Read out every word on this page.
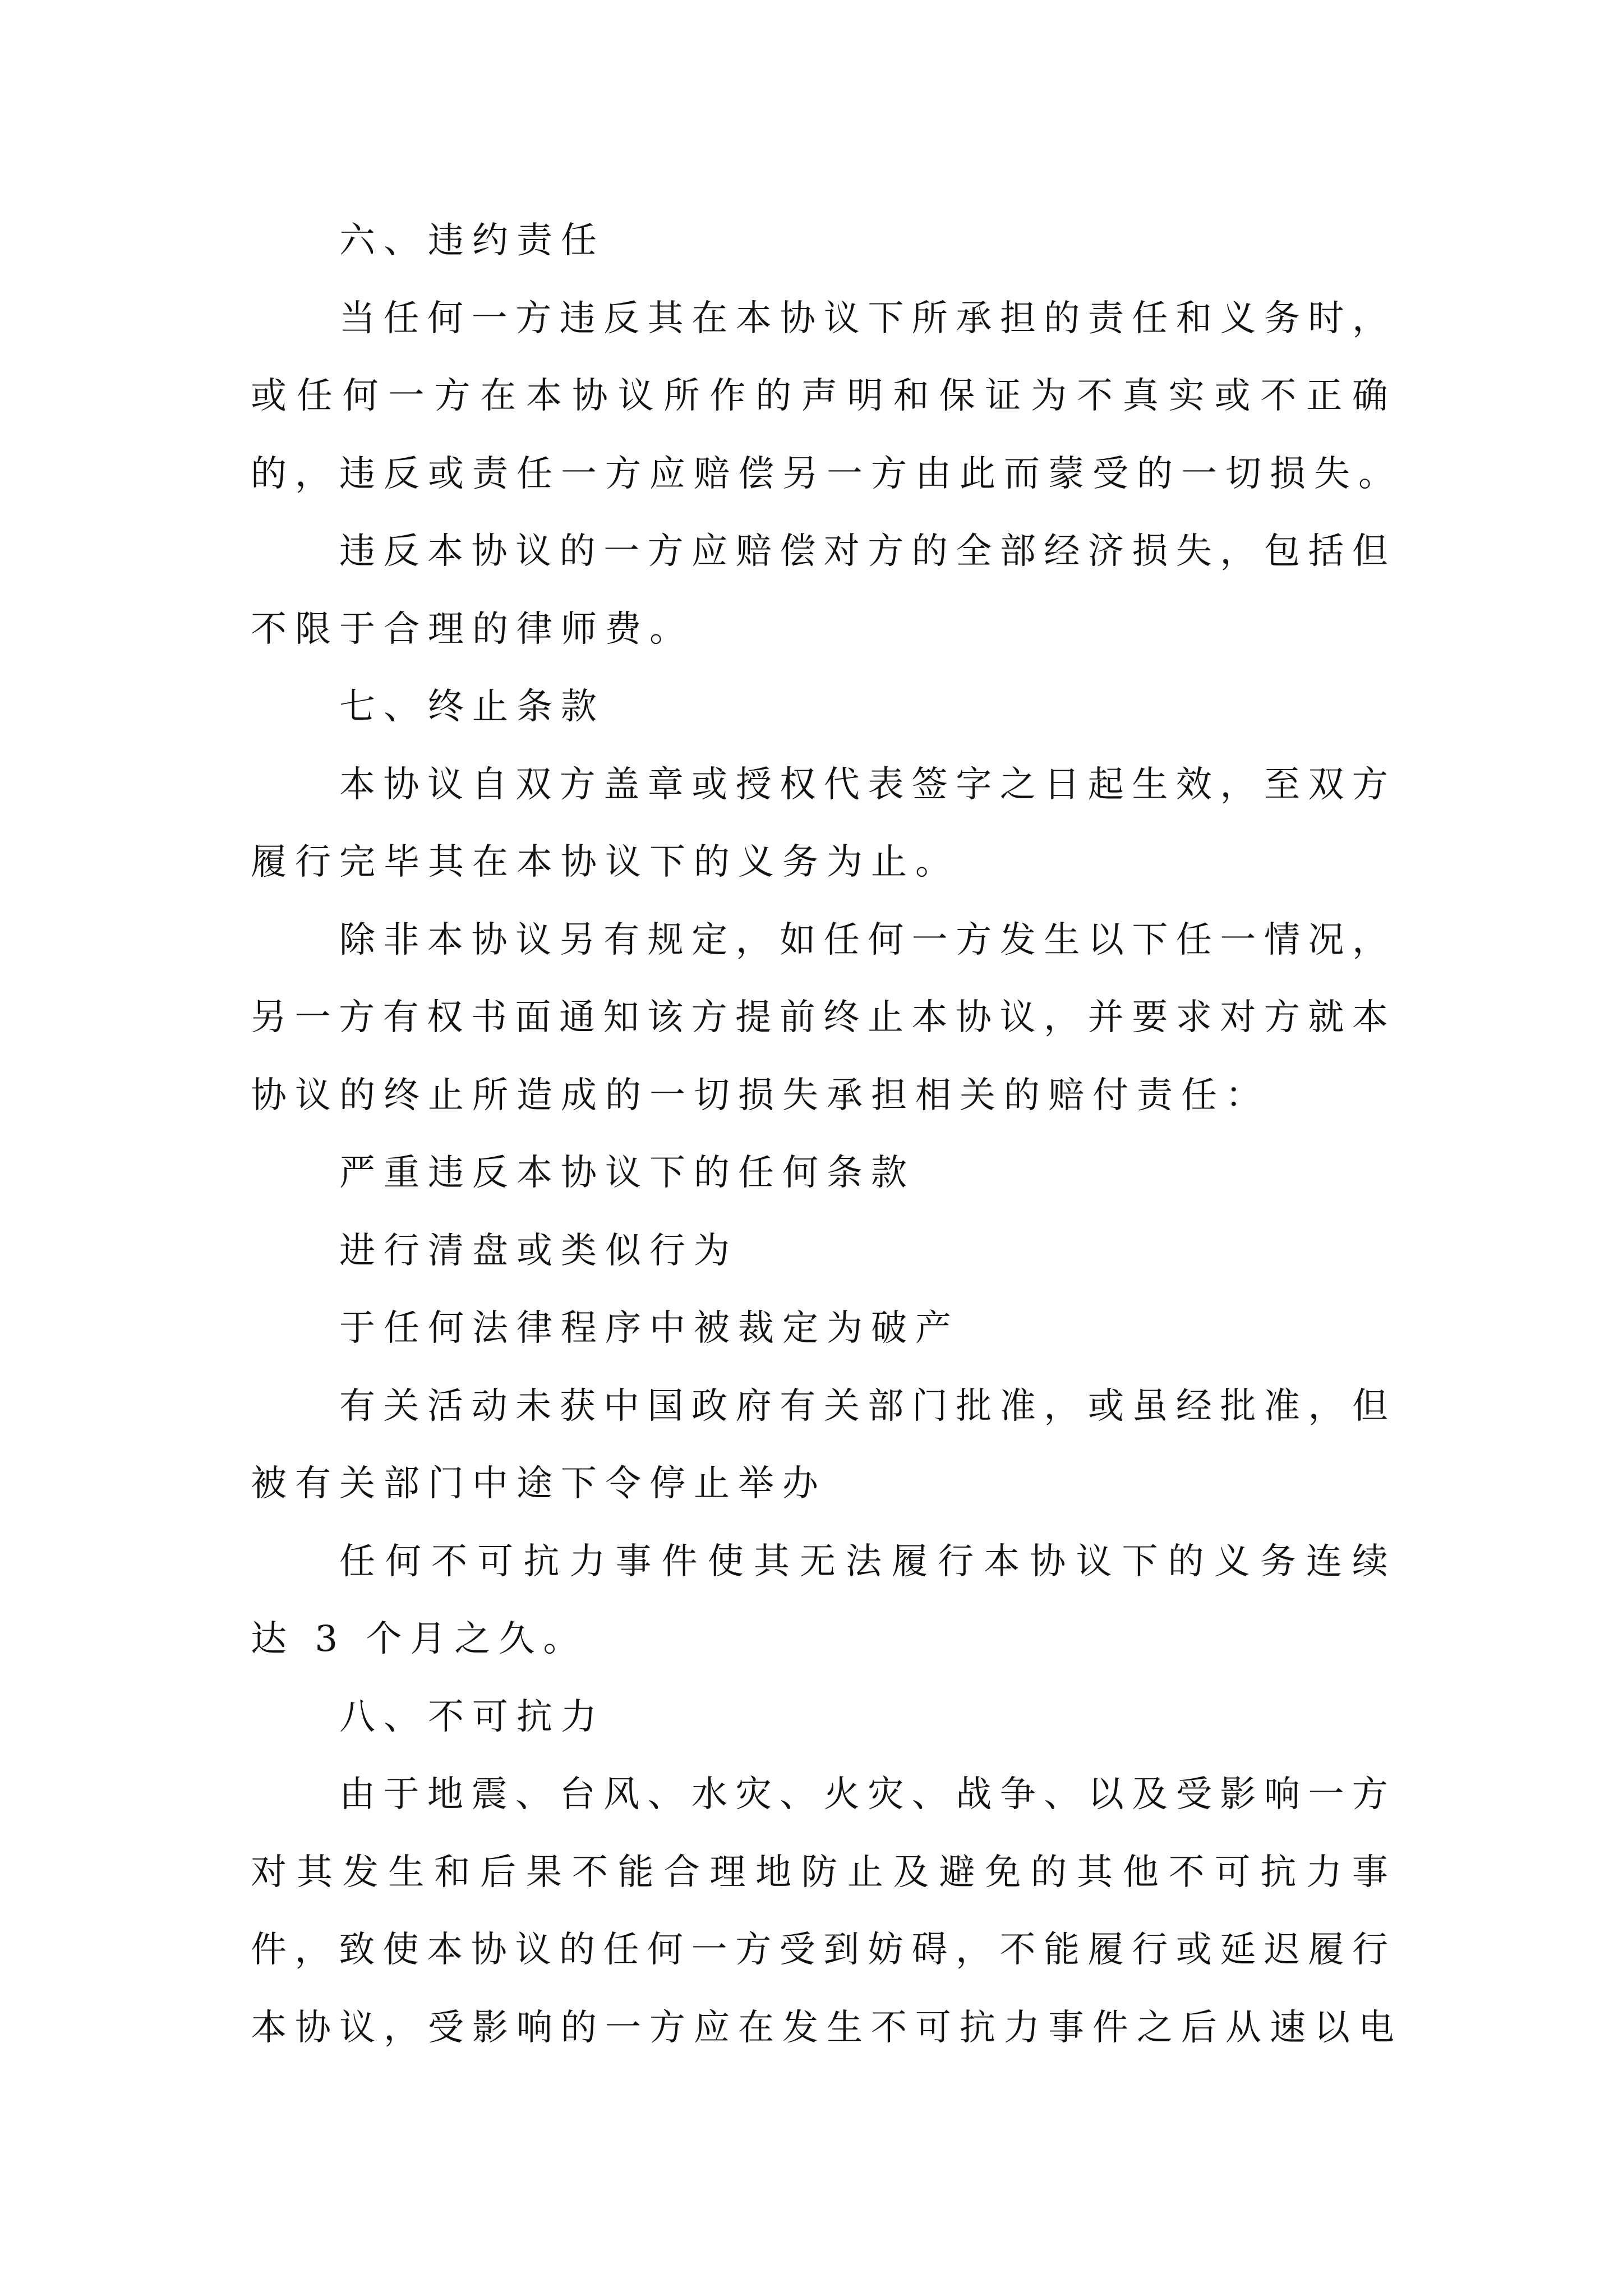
六、违约责任
当任何一方违反其在本协议下所承担的责任和义务时，
或任何一方在本协议所作的声明和保证为不真实或不正确
的，违反或责任一方应赔偿另一方由此而蒙受的一切损失。
违反本协议的一方应赔偿对方的全部经济损失，包括但
不限于合理的律师费。
七、终止条款
本协议自双方盖章或授权代表签字之日起生效，至双方
履行完毕其在本协议下的义务为止。
除非本协议另有规定，如任何一方发生以下任一情况，
另一方有权书面通知该方提前终止本协议，并要求对方就本
协议的终止所造成的一切损失承担相关的赔付责任：
严重违反本协议下的任何条款
进行清盘或类似行为
于任何法律程序中被裁定为破产
有关活动未获中国政府有关部门批准，或虽经批准，但
被有关部门中途下令停止举办
任何不可抗力事件使其无法履行本协议下的义务连续
达 3 个月之久。
八、不可抗力
由于地震、台风、水灾、火灾、战争、以及受影响一方
对其发生和后果不能合理地防止及避免的其他不可抗力事
件，致使本协议的任何一方受到妨碍，不能履行或延迟履行
本协议，受影响的一方应在发生不可抗力事件之后从速以电
